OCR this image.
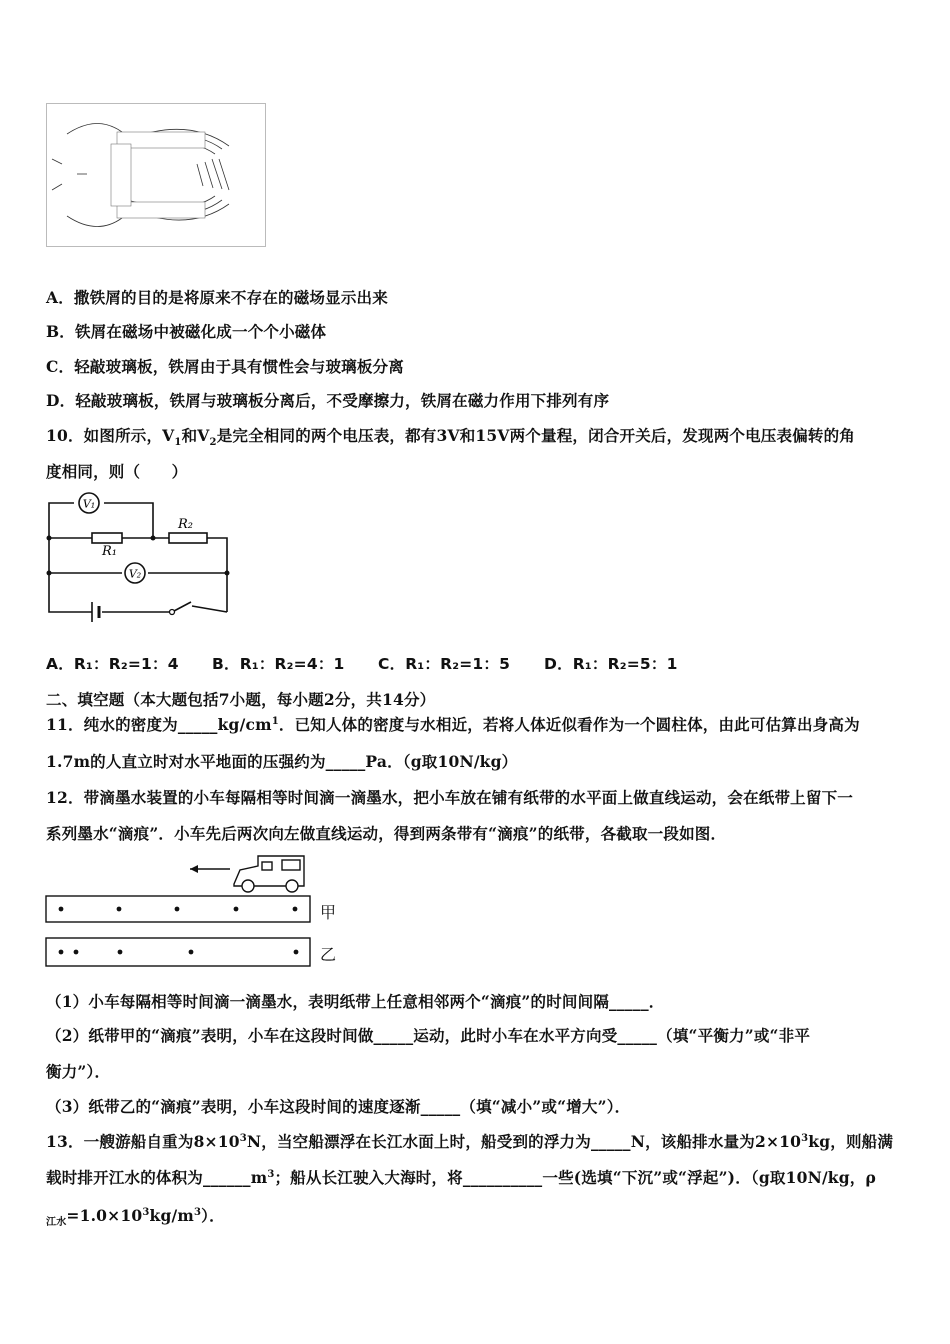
A．撒铁屑的目的是将原来不存在的磁场显示出来
B．铁屑在磁场中被磁化成一个个小磁体
C．轻敲玻璃板，铁屑由于具有惯性会与玻璃板分离
D．轻敲玻璃板，铁屑与玻璃板分离后，不受摩擦力，铁屑在磁力作用下排列有序
10．如图所示，$V_1$和$V_2$是完全相同的两个电压表，都有3V和15V两个量程，闭合开关后，发现两个电压表偏转的角
度相同，则（　　）
V₁
V₂
R₁
R₂
A．R₁：R₂=1：4 B．R₁：R₂=4：1 C．R₁：R₂=1：5 D．R₁：R₂=5：1
二、填空题（本大题包括7小题，每小题2分，共14分）
11．纯水的密度为$\_\_\_\_\_kg/cm^1$．已知人体的密度与水相近，若将人体近似看作为一个圆柱体，由此可估算出身高为
1.7m的人直立时对水平地面的压强约为_____Pa．（g取10N/kg）
12．带滴墨水装置的小车每隔相等时间滴一滴墨水，把小车放在铺有纸带的水平面上做直线运动，会在纸带上留下一
系列墨水“滴痕”．小车先后两次向左做直线运动，得到两条带有“滴痕”的纸带，各截取一段如图．
甲
乙
（1）小车每隔相等时间滴一滴墨水，表明纸带上任意相邻两个“滴痕”的时间间隔_____．
（2）纸带甲的“滴痕”表明，小车在这段时间做_____运动，此时小车在水平方向受_____（填“平衡力”或“非平
衡力”）．
（3）纸带乙的“滴痕”表明，小车这段时间的速度逐渐_____（填“减小”或“增大”）．
13．一艘游船自重为$8\times 10^3N$，当空船漂浮在长江水面上时，船受到的浮力为_____N，该船排水量为$2\times 10^3kg$，则船满
载时排开江水的体积为$\_\_\_\_\_\_m^3$；船从长江驶入大海时，将__________一些(选填“下沉”或“浮起”)．（g取10N/kg，ρ
$_{江水}=1.0\times 10^3kg/m^3$）．
